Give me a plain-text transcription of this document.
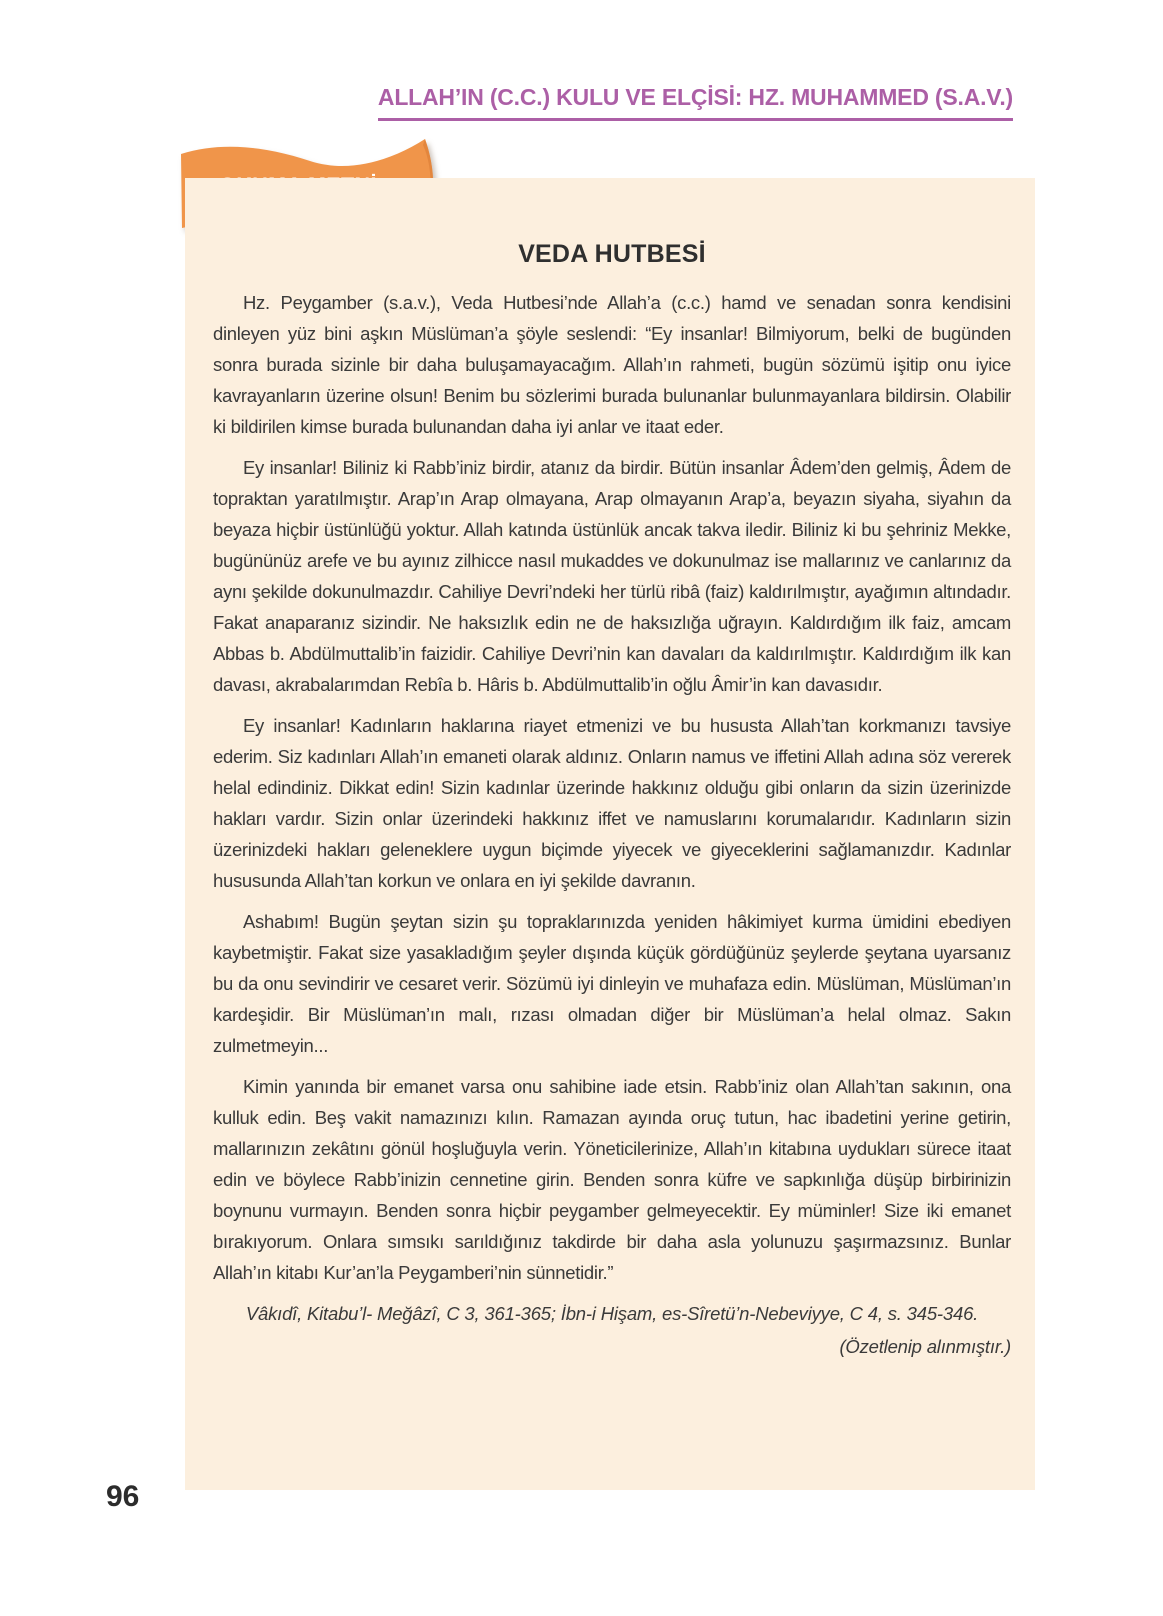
ALLAH’IN (C.C.) KULU VE ELÇİSİ: HZ. MUHAMMED (S.A.V.)
VEDA HUTBESİ

Hz. Peygamber (s.a.v.), Veda Hutbesi’nde Allah’a (c.c.) hamd ve senadan sonra kendisini dinleyen yüz bini aşkın Müslüman’a şöyle seslendi: “Ey insanlar! Bilmiyorum, belki de bugünden sonra burada sizinle bir daha buluşamayacağım. Allah’ın rahmeti, bugün sözümü işitip onu iyice kavrayanların üzerine olsun! Benim bu sözlerimi burada bulunanlar bulunmayanlara bildirsin. Olabilir ki bildirilen kimse burada bulunandan daha iyi anlar ve itaat eder.

Ey insanlar! Biliniz ki Rabb’iniz birdir, atanız da birdir. Bütün insanlar Âdem’den gelmiş, Âdem de topraktan yaratılmıştır. Arap’ın Arap olmayana, Arap olmayanın Arap’a, beyazın siyaha, siyahın da beyaza hiçbir üstünlüğü yoktur. Allah katında üstünlük ancak takva iledir. Biliniz ki bu şehriniz Mekke, bugününüz arefe ve bu ayınız zilhicce nasıl mukaddes ve dokunulmaz ise mallarınız ve canlarınız da aynı şekilde dokunulmazdır. Cahiliye Devri’ndeki her türlü ribâ (faiz) kaldırılmıştır, ayağımın altındadır. Fakat anaparanız sizindir. Ne haksızlık edin ne de haksızlığa uğrayın. Kaldırdığım ilk faiz, amcam Abbas b. Abdülmuttalib’in faizidir. Cahiliye Devri’nin kan davaları da kaldırılmıştır. Kaldırdığım ilk kan davası, akrabalarımdan Rebîa b. Hâris b. Abdülmuttalib’in oğlu Âmir’in kan davasıdır.

Ey insanlar! Kadınların haklarına riayet etmenizi ve bu hususta Allah’tan korkmanızı tavsiye ederim. Siz kadınları Allah’ın emaneti olarak aldınız. Onların namus ve iffetini Allah adına söz vererek helal edindiniz. Dikkat edin! Sizin kadınlar üzerinde hakkınız olduğu gibi onların da sizin üzerinizde hakları vardır. Sizin onlar üzerindeki hakkınız iffet ve namuslarını korumalarıdır. Kadınların sizin üzerinizdeki hakları geleneklere uygun biçimde yiyecek ve giyeceklerini sağlamanızdır. Kadınlar hususunda Allah’tan korkun ve onlara en iyi şekilde davranın.

Ashabım! Bugün şeytan sizin şu topraklarınızda yeniden hâkimiyet kurma ümidini ebediyen kaybetmiştir. Fakat size yasakladığım şeyler dışında küçük gördüğünüz şeylerde şeytana uyarsanız bu da onu sevindirir ve cesaret verir. Sözümü iyi dinleyin ve muhafaza edin. Müslüman, Müslüman’ın kardeşidir. Bir Müslüman’ın malı, rızası olmadan diğer bir Müslüman’a helal olmaz. Sakın zulmetmeyin...

Kimin yanında bir emanet varsa onu sahibine iade etsin. Rabb’iniz olan Allah’tan sakının, ona kulluk edin. Beş vakit namazınızı kılın. Ramazan ayında oruç tutun, hac ibadetini yerine getirin, mallarınızın zekâtını gönül hoşluğuyla verin. Yöneticilerinize, Allah’ın kitabına uydukları sürece itaat edin ve böylece Rabb’inizin cennetine girin. Benden sonra küfre ve sapkınlığa düşüp birbirinizin boynunu vurmayın. Benden sonra hiçbir peygamber gelmeyecektir. Ey müminler! Size iki emanet bırakıyorum. Onlara sımsıkı sarıldığınız takdirde bir daha asla yolunuzu şaşırmazsınız. Bunlar Allah’ın kitabı Kur’an’la Peygamberi’nin sünnetidir.”

Vâkıdî, Kitabu’l- Meğâzî, C 3, 361-365; İbn-i Hişam, es-Sîretü’n-Nebeviyye, C 4, s. 345-346.

(Özetlenip alınmıştır.)

96
